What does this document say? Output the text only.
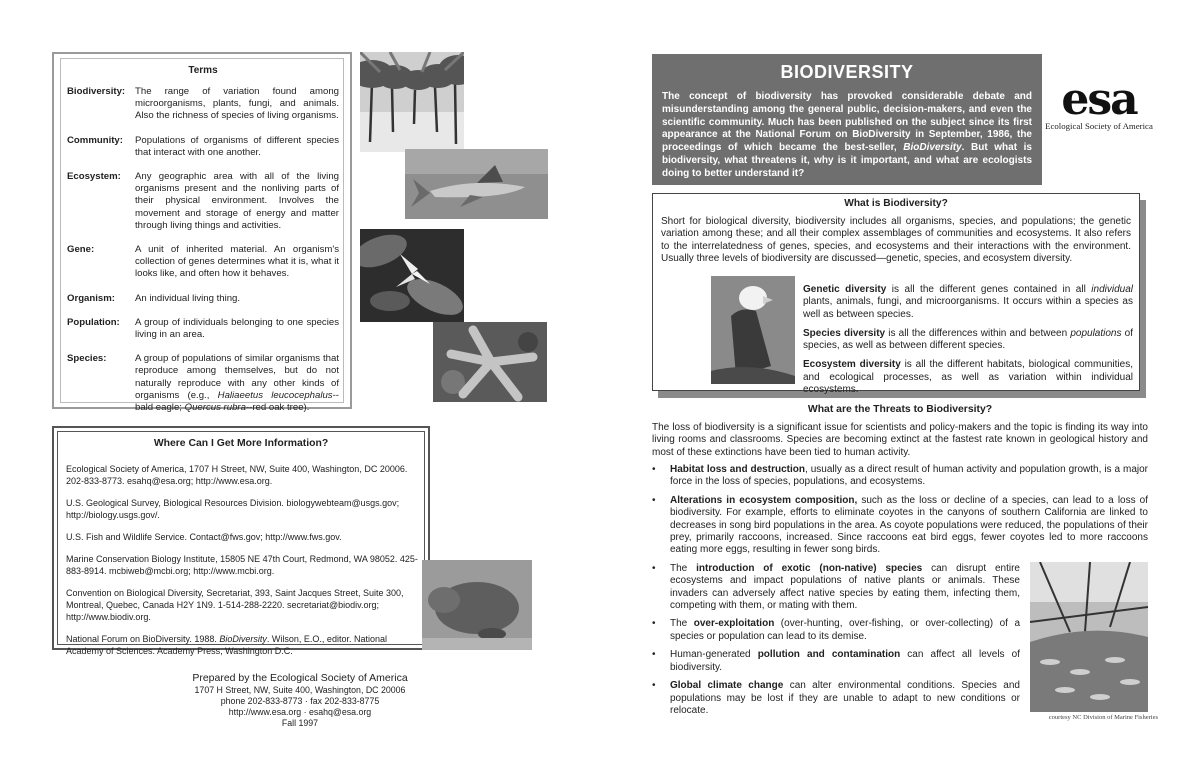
Terms
Biodiversity:	The range of variation found among microorganisms, plants, fungi, and animals. Also the richness of species of living organisms.
Community:	Populations of organisms of different species that interact with one another.
Ecosystem:	Any geographic area with all of the living organisms present and the nonliving parts of their physical environment. Involves the movement and storage of energy and matter through living things and activities.
Gene:	A unit of inherited material. An organism's collection of genes determines what it is, what it looks like, and often how it behaves.
Organism:	An individual living thing.
Population:	A group of individuals belonging to one species living in an area.
Species:	A group of populations of similar organisms that reproduce among themselves, but do not naturally reproduce with any other kinds of organisms (e.g., Haliaeetus leucocephalus--bald eagle; Quercus rubra--red oak tree).
Where Can I Get More Information?
Ecological Society of America, 1707 H Street, NW, Suite 400, Washington, DC 20006. 202-833-8773. esahq@esa.org; http://www.esa.org.
U.S. Geological Survey, Biological Resources Division. biologywebteam@usgs.gov; http://biology.usgs.gov/.
U.S. Fish and Wildlife Service. Contact@fws.gov; http://www.fws.gov.
Marine Conservation Biology Institute, 15805 NE 47th Court, Redmond, WA 98052. 425-883-8914. mcbiweb@mcbi.org; http://www.mcbi.org.
Convention on Biological Diversity, Secretariat, 393, Saint Jacques Street, Suite 300, Montreal, Quebec, Canada H2Y 1N9. 1-514-288-2220. secretariat@biodiv.org; http://www.biodiv.org.
National Forum on BioDiversity. 1988. BioDiversity. Wilson, E.O., editor. National Academy of Sciences. Academy Press, Washington D.C.
Prepared by the Ecological Society of America
1707 H Street, NW, Suite 400, Washington, DC 20006
phone 202-833-8773 · fax 202-833-8775
http://www.esa.org · esahq@esa.org
Fall 1997
BIODIVERSITY
The concept of biodiversity has provoked considerable debate and misunderstanding among the general public, decision-makers, and even the scientific community. Much has been published on the subject since its first appearance at the National Forum on BioDiversity in September, 1986, the proceedings of which became the best-seller, BioDiversity. But what is biodiversity, what threatens it, why is it important, and what are ecologists doing to better understand it?
esa
Ecological Society of America
What is Biodiversity?
Short for biological diversity, biodiversity includes all organisms, species, and populations; the genetic variation among these; and all their complex assemblages of communities and ecosystems. It also refers to the interrelatedness of genes, species, and ecosystems and their interactions with the environment. Usually three levels of biodiversity are discussed—genetic, species, and ecosystem diversity.

Genetic diversity is all the different genes contained in all individual plants, animals, fungi, and microorganisms. It occurs within a species as well as between species.

Species diversity is all the differences within and between populations of species, as well as between different species.

Ecosystem diversity is all the different habitats, biological communities, and ecological processes, as well as variation within individual ecosystems.

What are the Threats to Biodiversity?
The loss of biodiversity is a significant issue for scientists and policy-makers and the topic is finding its way into living rooms and classrooms. Species are becoming extinct at the fastest rate known in geological history and most of these extinctions have been tied to human activity.
•	Habitat loss and destruction, usually as a direct result of human activity and population growth, is a major force in the loss of species, populations, and ecosystems.
•	Alterations in ecosystem composition, such as the loss or decline of a species, can lead to a loss of biodiversity. For example, efforts to eliminate coyotes in the canyons of southern California are linked to decreases in song bird populations in the area. As coyote populations were reduced, the populations of their prey, primarily raccoons, increased. Since raccoons eat bird eggs, fewer coyotes led to more raccoons eating more eggs, resulting in fewer song birds.
•	The introduction of exotic (non-native) species can disrupt entire ecosystems and impact populations of native plants or animals. These invaders can adversely affect native species by eating them, infecting them, competing with them, or mating with them.
•	The over-exploitation (over-hunting, over-fishing, or over-collecting) of a species or population can lead to its demise.
•	Human-generated pollution and contamination can affect all levels of biodiversity.
•	Global climate change can alter environmental conditions. Species and populations may be lost if they are unable to adapt to new conditions or relocate.
courtesy NC Division of Marine Fisheries
